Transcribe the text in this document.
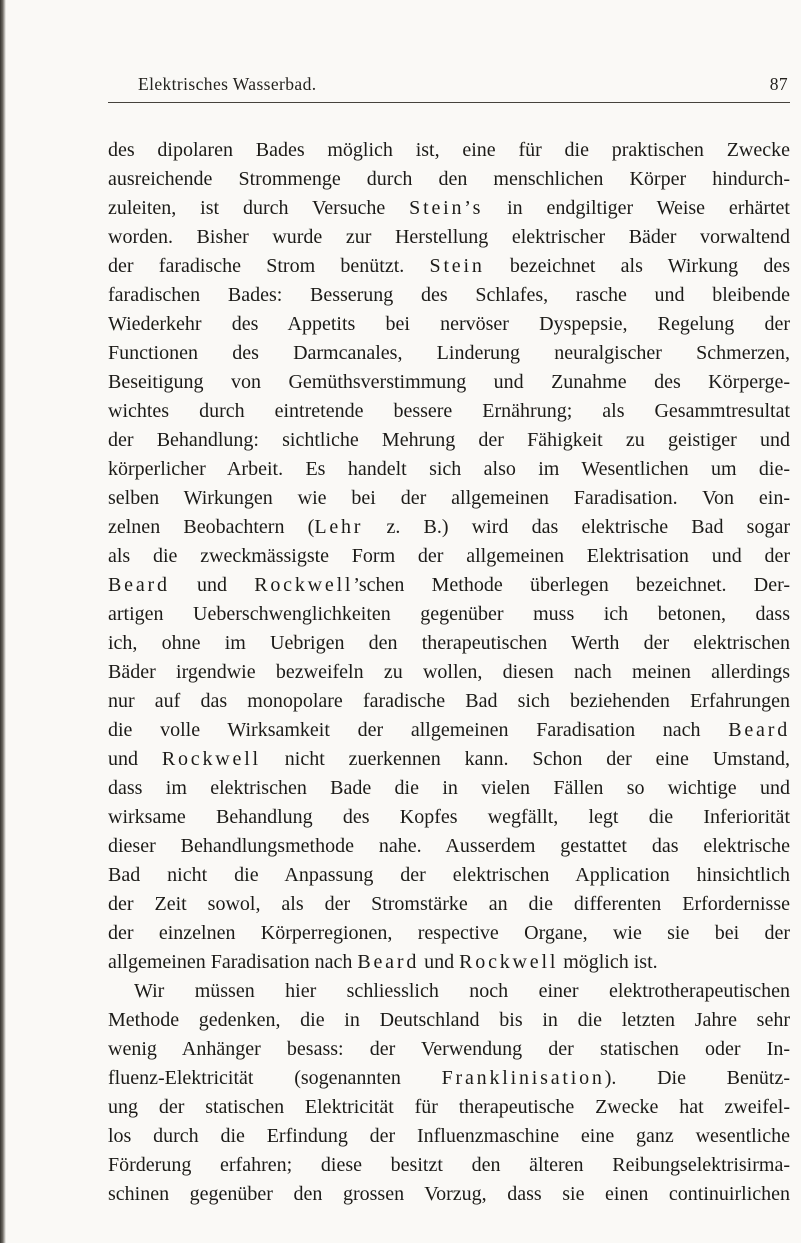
Elektrisches Wasserbad.	87
des dipolaren Bades möglich ist, eine für die praktischen Zwecke
ausreichende Strommenge durch den menschlichen Körper hindurch-
zuleiten, ist durch Versuche Stein’s in endgiltiger Weise erhärtet
worden. Bisher wurde zur Herstellung elektrischer Bäder vorwaltend
der faradische Strom benützt. Stein bezeichnet als Wirkung des
faradischen Bades: Besserung des Schlafes, rasche und bleibende
Wiederkehr des Appetits bei nervöser Dyspepsie, Regelung der
Functionen des Darmcanales, Linderung neuralgischer Schmerzen,
Beseitigung von Gemüthsverstimmung und Zunahme des Körperge-
wichtes durch eintretende bessere Ernährung; als Gesammtresultat
der Behandlung: sichtliche Mehrung der Fähigkeit zu geistiger und
körperlicher Arbeit. Es handelt sich also im Wesentlichen um die-
selben Wirkungen wie bei der allgemeinen Faradisation. Von ein-
zelnen Beobachtern (Lehr z. B.) wird das elektrische Bad sogar
als die zweckmässigste Form der allgemeinen Elektrisation und der
Beard und Rockwell’schen Methode überlegen bezeichnet. Der-
artigen Ueberschwenglichkeiten gegenüber muss ich betonen, dass
ich, ohne im Uebrigen den therapeutischen Werth der elektrischen
Bäder irgendwie bezweifeln zu wollen, diesen nach meinen allerdings
nur auf das monopolare faradische Bad sich beziehenden Erfahrungen
die volle Wirksamkeit der allgemeinen Faradisation nach Beard
und Rockwell nicht zuerkennen kann. Schon der eine Umstand,
dass im elektrischen Bade die in vielen Fällen so wichtige und
wirksame Behandlung des Kopfes wegfällt, legt die Inferiorität
dieser Behandlungsmethode nahe. Ausserdem gestattet das elektrische
Bad nicht die Anpassung der elektrischen Application hinsichtlich
der Zeit sowol, als der Stromstärke an die differenten Erfordernisse
der einzelnen Körperregionen, respective Organe, wie sie bei der
allgemeinen Faradisation nach Beard und Rockwell möglich ist.
Wir müssen hier schliesslich noch einer elektrotherapeutischen
Methode gedenken, die in Deutschland bis in die letzten Jahre sehr
wenig Anhänger besass: der Verwendung der statischen oder In-
fluenz-Elektricität (sogenannten Franklinisation). Die Benütz-
ung der statischen Elektricität für therapeutische Zwecke hat zweifel-
los durch die Erfindung der Influenzmaschine eine ganz wesentliche
Förderung erfahren; diese besitzt den älteren Reibungselektrisirma-
schinen gegenüber den grossen Vorzug, dass sie einen continuirlichen
